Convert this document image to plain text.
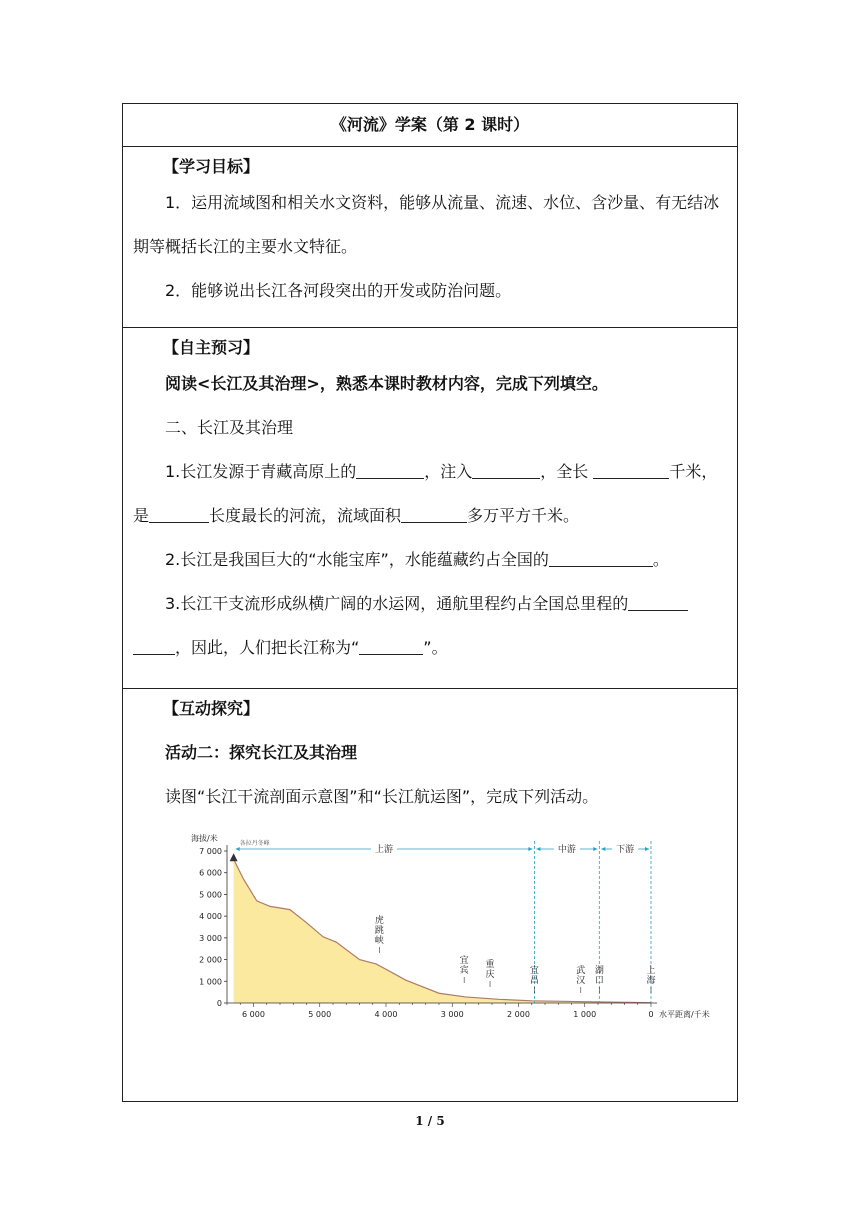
《河流》学案（第 2 课时）

【学习目标】

1．运用流域图和相关水文资料，能够从流量、流速、水位、含沙量、有无结冰期等概括长江的主要水文特征。

2．能够说出长江各河段突出的开发或防治问题。

【自主预习】

阅读<长江及其治理>，熟悉本课时教材内容，完成下列填空。

二、长江及其治理

1.长江发源于青藏高原上的	，注入	，全长	千米，是	长度最长的河流，流域面积	多万平方千米。

2.长江是我国巨大的“水能宝库”，水能蕴藏约占全国的	。

3.长江干支流形成纵横广阔的水运网，通航里程约占全国总里程的，因此，人们把长江称为“	”。

【互动探究】

活动二：探究长江及其治理

读图“长江干流剖面示意图”和“长江航运图”，完成下列活动。

0
1 000
2 000
3 000
4 000
5 000
6 000
7 000
6 000	5 000	4 000	3 000	2 000	1 000	0
海拔/米
水平距离/千米
各拉丹冬峰
上游	中游	下游
虎
跳
峡
宜
宾
重
庆	宜
昌
武
汉
湖
口
上
海
1 / 5
